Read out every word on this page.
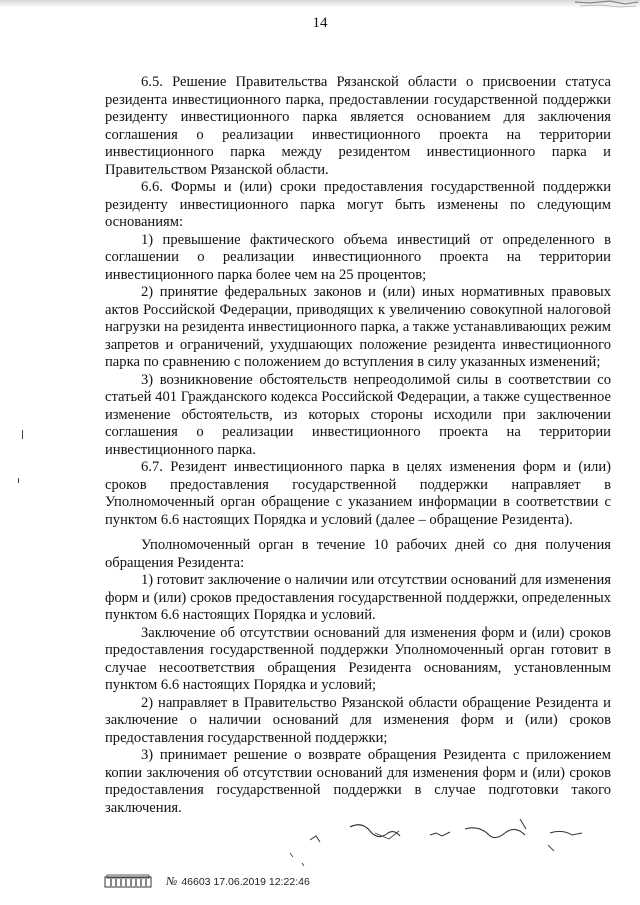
14

6.5. Решение Правительства Рязанской области о присвоении статуса резидента инвестиционного парка, предоставлении государственной поддержки резиденту инвестиционного парка является основанием для заключения соглашения о реализации инвестиционного проекта на территории инвестиционного парка между резидентом инвестиционного парка и Правительством Рязанской области.

6.6. Формы и (или) сроки предоставления государственной поддержки резиденту инвестиционного парка могут быть изменены по следующим основаниям:

1) превышение фактического объема инвестиций от определенного в соглашении о реализации инвестиционного проекта на территории инвестиционного парка более чем на 25 процентов;

2) принятие федеральных законов и (или) иных нормативных правовых актов Российской Федерации, приводящих к увеличению совокупной налоговой нагрузки на резидента инвестиционного парка, а также устанавливающих режим запретов и ограничений, ухудшающих положение резидента инвестиционного парка по сравнению с положением до вступления в силу указанных изменений;

3) возникновение обстоятельств непреодолимой силы в соответствии со статьей 401 Гражданского кодекса Российской Федерации, а также существенное изменение обстоятельств, из которых стороны исходили при заключении соглашения о реализации инвестиционного проекта на территории инвестиционного парка.

6.7. Резидент инвестиционного парка в целях изменения форм и (или) сроков предоставления государственной поддержки направляет в Уполномоченный орган обращение с указанием информации в соответствии с пунктом 6.6 настоящих Порядка и условий (далее – обращение Резидента).

Уполномоченный орган в течение 10 рабочих дней со дня получения обращения Резидента:

1) готовит заключение о наличии или отсутствии оснований для изменения форм и (или) сроков предоставления государственной поддержки, определенных пунктом 6.6 настоящих Порядка и условий.

Заключение об отсутствии оснований для изменения форм и (или) сроков предоставления государственной поддержки Уполномоченный орган готовит в случае несоответствия обращения Резидента основаниям, установленным пунктом 6.6 настоящих Порядка и условий;

2) направляет в Правительство Рязанской области обращение Резидента и заключение о наличии оснований для изменения форм и (или) сроков предоставления государственной поддержки;

3) принимает решение о возврате обращения Резидента с приложением копии заключения об отсутствии оснований для изменения форм и (или) сроков предоставления государственной поддержки в случае подготовки такого заключения.

№ 46603 17.06.2019 12:22:46
